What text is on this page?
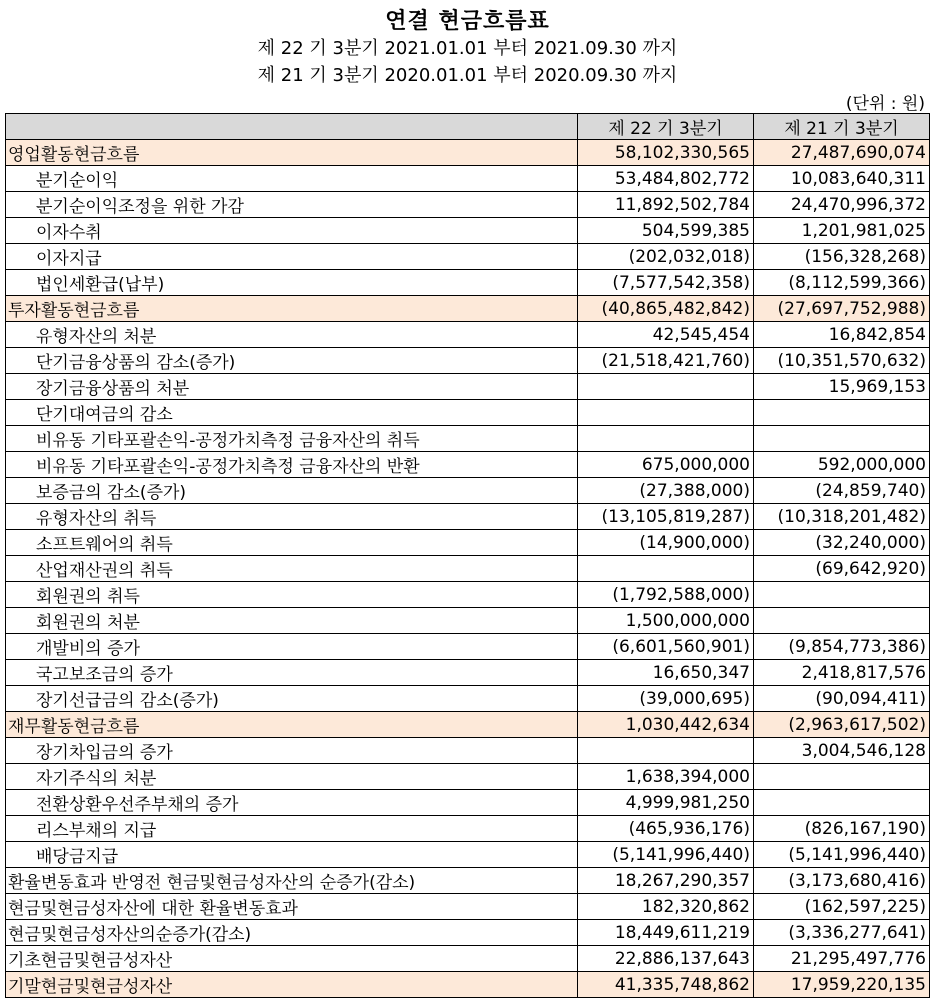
연결 현금흐름표
제 22 기 3분기 2021.01.01 부터 2021.09.30 까지
제 21 기 3분기 2020.01.01 부터 2020.09.30 까지
(단위 : 원)
	제 22 기 3분기	제 21 기 3분기
영업활동현금흐름	58,102,330,565	27,487,690,074
분기순이익	53,484,802,772	10,083,640,311
분기순이익조정을 위한 가감	11,892,502,784	24,470,996,372
이자수취	504,599,385	1,201,981,025
이자지급	(202,032,018)	(156,328,268)
법인세환급(납부)	(7,577,542,358)	(8,112,599,366)
투자활동현금흐름	(40,865,482,842)	(27,697,752,988)
유형자산의 처분	42,545,454	16,842,854
단기금융상품의 감소(증가)	(21,518,421,760)	(10,351,570,632)
장기금융상품의 처분		15,969,153
단기대여금의 감소		
비유동 기타포괄손익-공정가치측정 금융자산의 취득		
비유동 기타포괄손익-공정가치측정 금융자산의 반환	675,000,000	592,000,000
보증금의 감소(증가)	(27,388,000)	(24,859,740)
유형자산의 취득	(13,105,819,287)	(10,318,201,482)
소프트웨어의 취득	(14,900,000)	(32,240,000)
산업재산권의 취득		(69,642,920)
회원권의 취득	(1,792,588,000)	
회원권의 처분	1,500,000,000	
개발비의 증가	(6,601,560,901)	(9,854,773,386)
국고보조금의 증가	16,650,347	2,418,817,576
장기선급금의 감소(증가)	(39,000,695)	(90,094,411)
재무활동현금흐름	1,030,442,634	(2,963,617,502)
장기차입금의 증가		3,004,546,128
자기주식의 처분	1,638,394,000	
전환상환우선주부채의 증가	4,999,981,250	
리스부채의 지급	(465,936,176)	(826,167,190)
배당금지급	(5,141,996,440)	(5,141,996,440)
환율변동효과 반영전 현금및현금성자산의 순증가(감소)	18,267,290,357	(3,173,680,416)
현금및현금성자산에 대한 환율변동효과	182,320,862	(162,597,225)
현금및현금성자산의순증가(감소)	18,449,611,219	(3,336,277,641)
기초현금및현금성자산	22,886,137,643	21,295,497,776
기말현금및현금성자산	41,335,748,862	17,959,220,135
